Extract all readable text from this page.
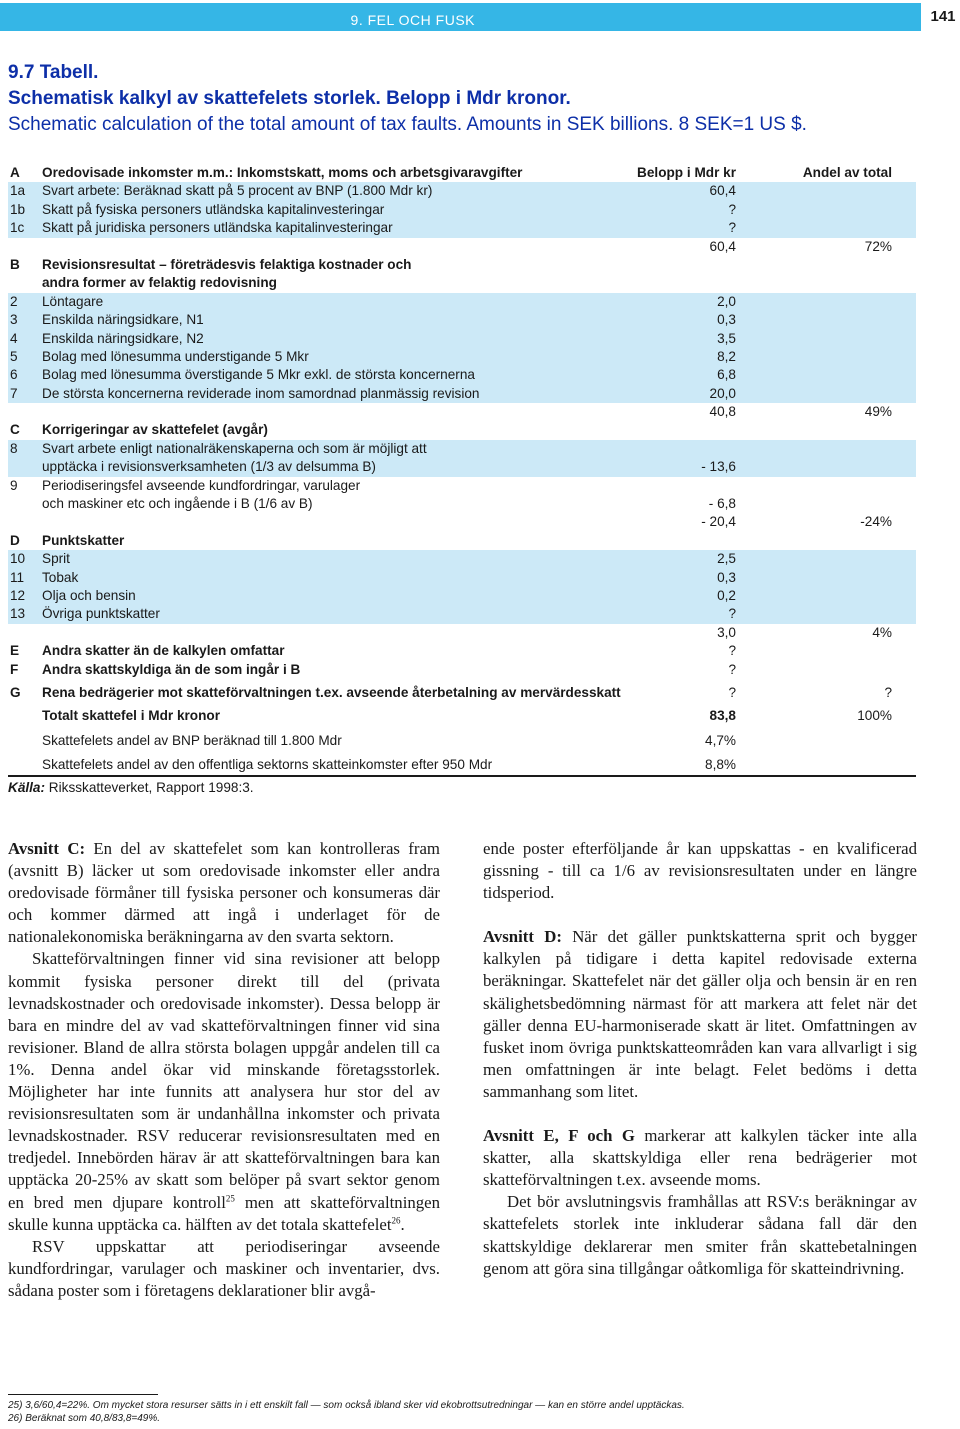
9. FEL OCH FUSK	141
9.7 Tabell.
Schematisk kalkyl av skattefelets storlek. Belopp i Mdr kronor.
Schematic calculation of the total amount of tax faults. Amounts in SEK billions. 8 SEK=1 US $.
A Oredovisade inkomster m.m.: Inkomstskatt, moms och arbetsgivaravgifter	Belopp i Mdr kr	Andel av total
1a Svart arbete: Beräknad skatt på 5 procent av BNP (1.800 Mdr kr)	60,4
1b Skatt på fysiska personers utländska kapitalinvesteringar	?
1c Skatt på juridiska personers utländska kapitalinvesteringar	?
60,4	72%
B Revisionsresultat – företrädesvis felaktiga kostnader och
andra former av felaktig redovisning
2 Löntagare	2,0
3 Enskilda näringsidkare, N1	0,3
4 Enskilda näringsidkare, N2	3,5
5 Bolag med lönesumma understigande 5 Mkr	8,2
6 Bolag med lönesumma överstigande 5 Mkr exkl. de största koncernerna	6,8
7 De största koncernerna reviderade inom samordnad planmässig revision	20,0
40,8	49%
C Korrigeringar av skattefelet (avgår)
8 Svart arbete enligt nationalräkenskaperna och som är möjligt att
upptäcka i revisionsverksamheten (1/3 av delsumma B)	- 13,6
9 Periodiseringsfel avseende kundfordringar, varulager
och maskiner etc och ingående i B (1/6 av B)	- 6,8
- 20,4	-24%
D Punktskatter
10 Sprit	2,5
11 Tobak	0,3
12 Olja och bensin	0,2
13 Övriga punktskatter	?
3,0	4%
E Andra skatter än de kalkylen omfattar	?
F Andra skattskyldiga än de som ingår i B	?
G Rena bedrägerier mot skatteförvaltningen t.ex. avseende återbetalning av mervärdesskatt	?	?
Totalt skattefel i Mdr kronor	83,8	100%
Skattefelets andel av BNP beräknad till 1.800 Mdr	4,7%
Skattefelets andel av den offentliga sektorns skatteinkomster efter 950 Mdr	8,8%
Källa: Riksskatteverket, Rapport 1998:3.

Avsnitt C: En del av skattefelet som kan kontrolleras fram (avsnitt B) läcker ut som oredovisade inkomster eller andra oredovisade förmåner till fysiska personer och konsumeras där och kommer därmed att ingå i underlaget för de nationalekonomiska beräkningarna av den svarta sektorn.

Skatteförvaltningen finner vid sina revisioner att belopp kommit fysiska personer direkt till del (privata levnadskostnader och oredovisade inkomster). Dessa belopp är bara en mindre del av vad skatteförvaltningen finner vid sina revisioner. Bland de allra största bolagen uppgår andelen till ca 1%. Denna andel ökar vid minskande företagsstorlek. Möjligheter har inte funnits att analysera hur stor del av revisionsresultaten som är undanhållna inkomster och privata levnadskostnader. RSV reducerar revisionsresultaten med en tredjedel. Innebörden härav är att skatteförvaltningen bara kan upptäcka 20-25% av skatt som belöper på svart sektor genom en bred men djupare kontroll$^{25}$ men att skatteförvaltningen skulle kunna upptäcka ca. hälften av det totala skattefelet$^{26}$.

RSV uppskattar att periodiseringar avseende kundfordringar, varulager och maskiner och inventarier, dvs. sådana poster som i företagens deklarationer blir avgå-

ende poster efterföljande år kan uppskattas - en kvalificerad gissning - till ca 1/6 av revisionsresultaten under en längre tidsperiod.

Avsnitt D: När det gäller punktskatterna sprit och bygger kalkylen på tidigare i detta kapitel redovisade externa beräkningar. Skattefelet när det gäller olja och bensin är en ren skälighetsbedömning närmast för att markera att felet när det gäller denna EU-harmoniserade skatt är litet. Omfattningen av fusket inom övriga punktskatteområden kan vara allvarligt i sig men omfattningen är inte belagt. Felet bedöms i detta sammanhang som litet.

Avsnitt E, F och G markerar att kalkylen täcker inte alla skatter, alla skattskyldiga eller rena bedrägerier mot skatteförvaltningen t.ex. avseende moms.

Det bör avslutningsvis framhållas att RSV:s beräkningar av skattefelets storlek inte inkluderar sådana fall där den skattskyldige deklarerar men smiter från skattebetalningen genom att göra sina tillgångar oåtkomliga för skatteindrivning.

25) 3,6/60,4=22%. Om mycket stora resurser sätts in i ett enskilt fall — som också ibland sker vid ekobrottsutredningar — kan en större andel upptäckas.
26) Beräknat som 40,8/83,8=49%.
